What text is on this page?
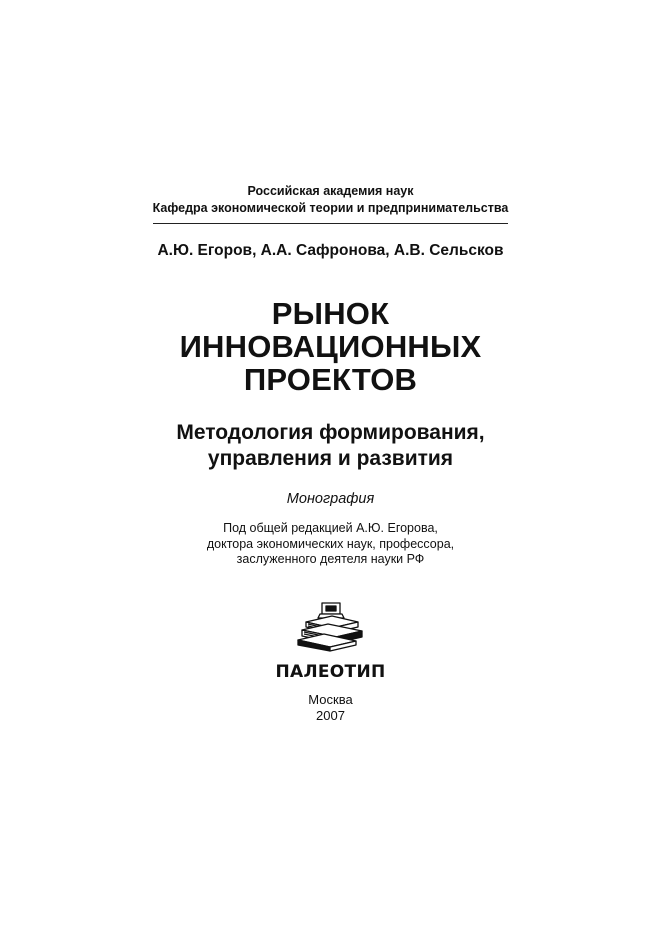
Российская академия наук
Кафедра экономической теории и предпринимательства
А.Ю. Егоров, А.А. Сафронова, А.В. Сельсков
РЫНОК
ИННОВАЦИОННЫХ
ПРОЕКТОВ
Методология формирования,
управления и развития
Монография
Под общей редакцией А.Ю. Егорова,
доктора экономических наук, профессора,
заслуженного деятеля науки РФ
ПАЛЕОТИП
Москва
2007
